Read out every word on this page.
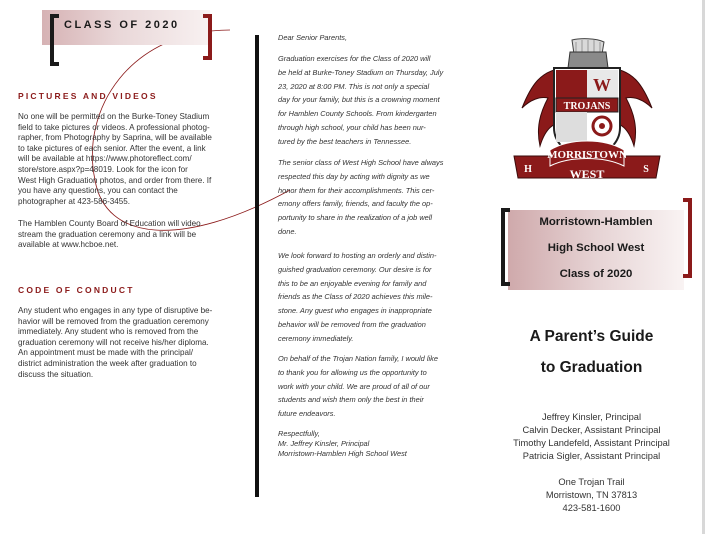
CLASS OF 2020
PICTURES AND VIDEOS
No one will be permitted on the Burke-Toney Stadium
field to take pictures or videos. A professional photog-
rapher, from Photography by Saprina, will be available
to take pictures of each senior. After the event, a link
will be available at https://www.photoreflect.com/
store/store.aspx?p=48019. Look for the icon for
West High Graduation photos, and order from there. If
you have any questions, you can contact the
photographer at 423-586-3455.
The Hamblen County Board of Education will video
stream the graduation ceremony and a link will be
available at www.hcboe.net.
CODE OF CONDUCT
Any student who engages in any type of disruptive be-
havior will be removed from the graduation ceremony
immediately. Any student who is removed from the
graduation ceremony will not receive his/her diploma.
An appointment must be made with the principal/
district administration the week after graduation to
discuss the situation.
Dear Senior Parents,
Graduation exercises for the Class of 2020 will
be held at Burke-Toney Stadium on Thursday, July
23, 2020 at 8:00 PM. This is not only a special
day for your family, but this is a crowning moment
for Hamblen County Schools. From kindergarten
through high school, your child has been nur-
tured by the best teachers in Tennessee.
The senior class of West High School have always
respected this day by acting with dignity as we
honor them for their accomplishments. This cer-
emony offers family, friends, and faculty the op-
portunity to share in the realization of a job well
done.
We look forward to hosting an orderly and distin-
guished graduation ceremony. Our desire is for
this to be an enjoyable evening for family and
friends as the Class of 2020 achieves this mile-
stone. Any guest who engages in inappropriate
behavior will be removed from the graduation
ceremony immediately.
On behalf of the Trojan Nation family, I would like
to thank you for allowing us the opportunity to
work with your child. We are proud of all of our
students and wish them only the best in their
future endeavors.
Respectfully,
Mr. Jeffrey Kinsler, Principal
Morristown-Hamblen High School West
W
TROJANS
MORRISTOWN
H	S
WEST
Morristown-Hamblen
High School West
Class of 2020
A Parent’s Guide
to Graduation
Jeffrey Kinsler, Principal
Calvin Decker, Assistant Principal
Timothy Landefeld, Assistant Principal
Patricia Sigler, Assistant Principal
One Trojan Trail
Morristown, TN 37813
423-581-1600
